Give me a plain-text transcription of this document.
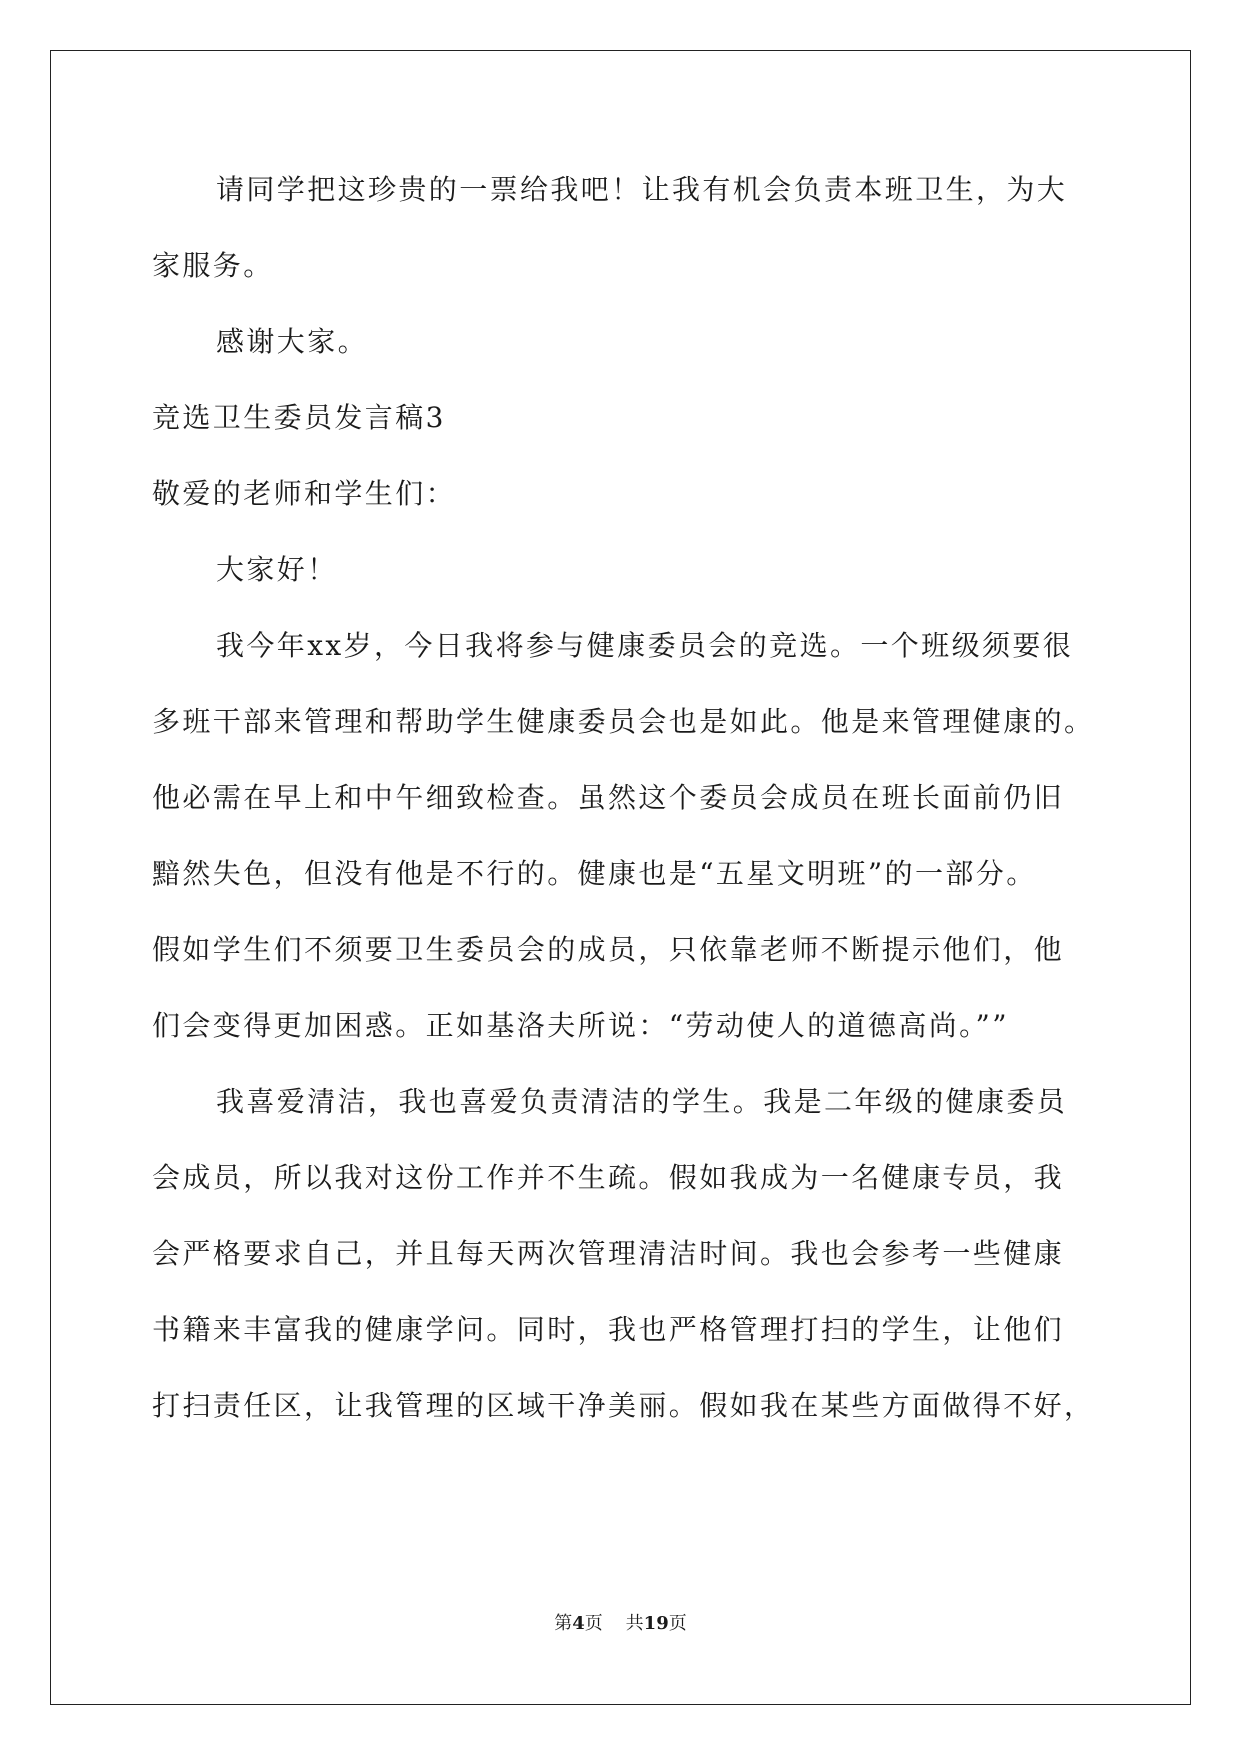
请同学把这珍贵的一票给我吧！让我有机会负责本班卫生，为大
家服务。
感谢大家。
竞选卫生委员发言稿3
敬爱的老师和学生们：
大家好！
我今年xx岁，今日我将参与健康委员会的竞选。一个班级须要很
多班干部来管理和帮助学生健康委员会也是如此。他是来管理健康的。
他必需在早上和中午细致检查。虽然这个委员会成员在班长面前仍旧
黯然失色，但没有他是不行的。健康也是“五星文明班”的一部分。
假如学生们不须要卫生委员会的成员，只依靠老师不断提示他们，他
们会变得更加困惑。正如基洛夫所说：“劳动使人的道德高尚。””
我喜爱清洁，我也喜爱负责清洁的学生。我是二年级的健康委员
会成员，所以我对这份工作并不生疏。假如我成为一名健康专员，我
会严格要求自己，并且每天两次管理清洁时间。我也会参考一些健康
书籍来丰富我的健康学问。同时，我也严格管理打扫的学生，让他们
打扫责任区，让我管理的区域干净美丽。假如我在某些方面做得不好，
第4页 共19页
